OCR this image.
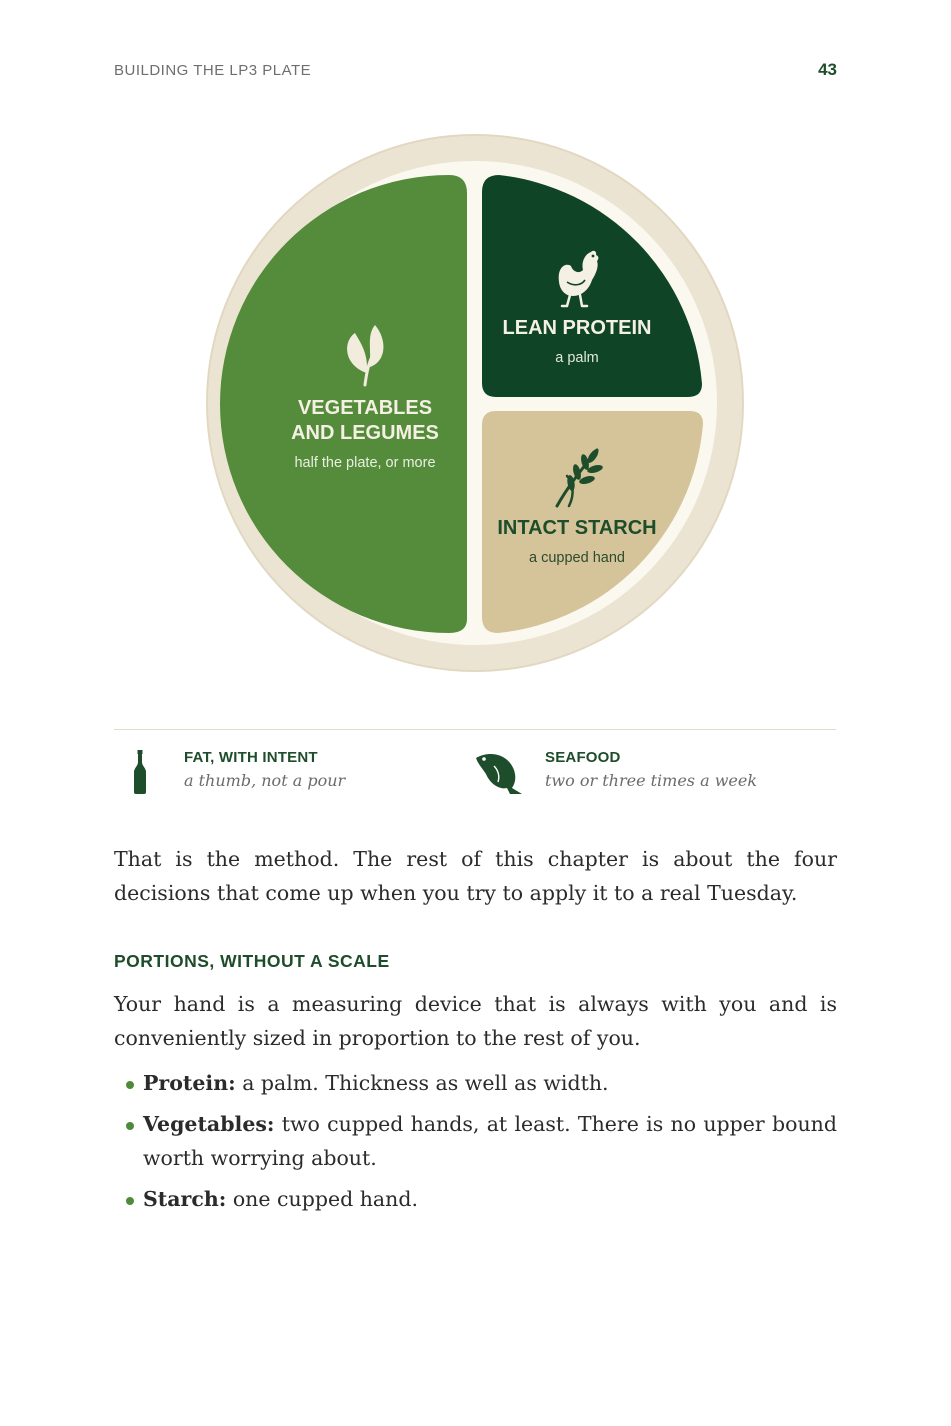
BUILDING THE LP3 PLATE	43
VEGETABLES
AND LEGUMES
half the plate, or more
LEAN PROTEIN
a palm
INTACT STARCH
a cupped hand
FAT, WITH INTENT
a thumb, not a pour
SEAFOOD
two or three times a week

That is the method. The rest of this chapter is about the four decisions that come up when you try to apply it to a real Tuesday.

PORTIONS, WITHOUT A SCALE

Your hand is a measuring device that is always with you and is conveniently sized in proportion to the rest of you.

Protein: a palm. Thickness as well as width.
Vegetables: two cupped hands, at least. There is no upper bound worth worrying about.
Starch: one cupped hand.
